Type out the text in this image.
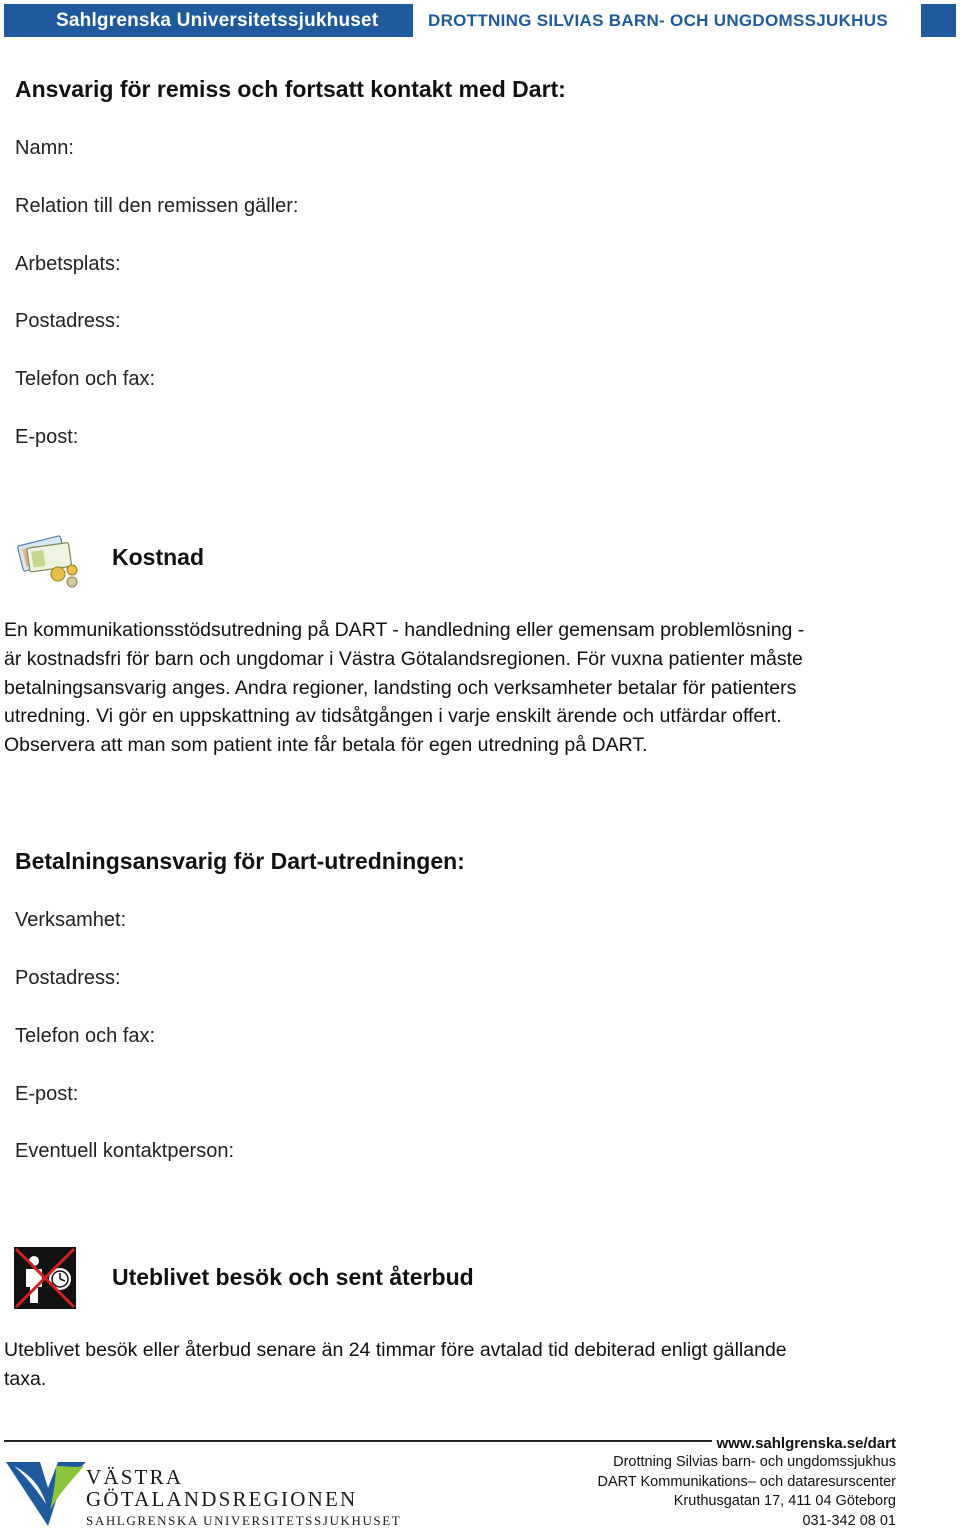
Sahlgrenska Universitetssjukhuset	DROTTNING SILVIAS BARN- OCH UNGDOMSSJUKHUS
Ansvarig för remiss och fortsatt kontakt med Dart:
Namn:
Relation till den remissen gäller:
Arbetsplats:
Postadress:
Telefon och fax:
E-post:
Kostnad
En kommunikationsstödsutredning på DART - handledning eller gemensam problemlösning -
är kostnadsfri för barn och ungdomar i Västra Götalandsregionen. För vuxna patienter måste
betalningsansvarig anges. Andra regioner, landsting och verksamheter betalar för patienters
utredning. Vi gör en uppskattning av tidsåtgången i varje enskilt ärende och utfärdar offert.
Observera att man som patient inte får betala för egen utredning på DART.
Betalningsansvarig för Dart-utredningen:
Verksamhet:
Postadress:
Telefon och fax:
E-post:
Eventuell kontaktperson:
Uteblivet besök och sent återbud
Uteblivet besök eller återbud senare än 24 timmar före avtalad tid debiterad enligt gällande
taxa.
www.sahlgrenska.se/dart
Drottning Silvias barn- och ungdomssjukhus
DART Kommunikations– och dataresurscenter
Kruthusgatan 17, 411 04 Göteborg
031-342 08 01
VÄSTRA
GÖTALANDSREGIONEN
SAHLGRENSKA UNIVERSITETSSJUKHUSET
